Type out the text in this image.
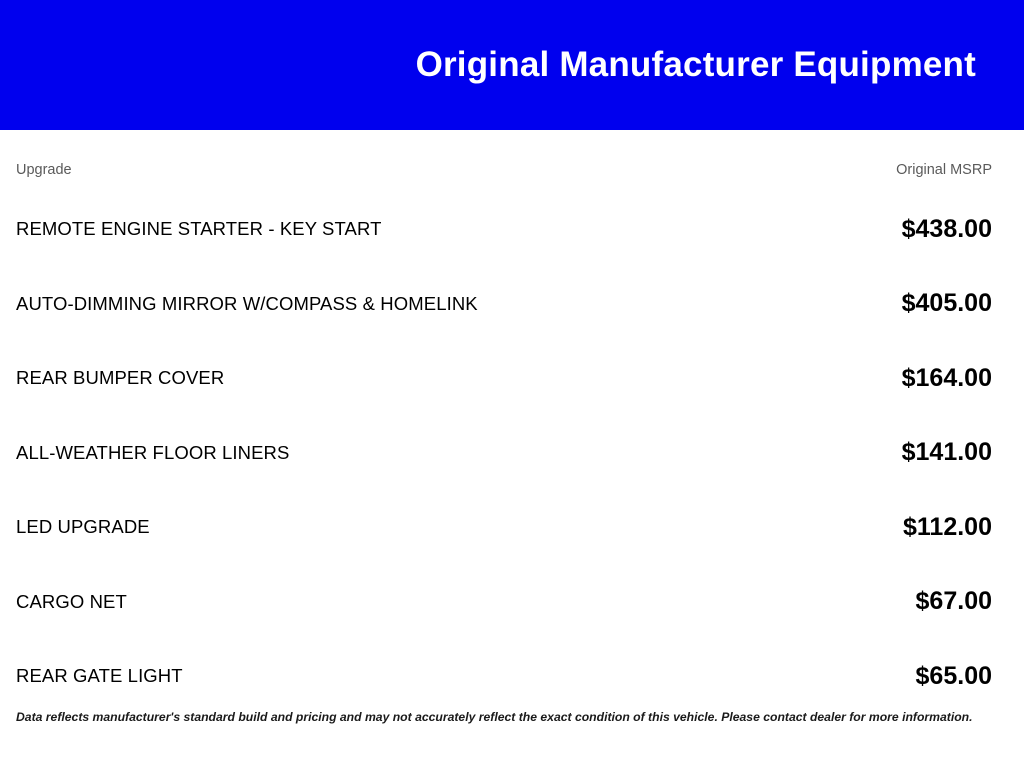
Original Manufacturer Equipment
Upgrade	Original MSRP
REMOTE ENGINE STARTER - KEY START	$438.00
AUTO-DIMMING MIRROR W/COMPASS & HOMELINK	$405.00
REAR BUMPER COVER	$164.00
ALL-WEATHER FLOOR LINERS	$141.00
LED UPGRADE	$112.00
CARGO NET	$67.00
REAR GATE LIGHT	$65.00
Data reflects manufacturer's standard build and pricing and may not accurately reflect the exact condition of this vehicle. Please contact dealer for more information.
